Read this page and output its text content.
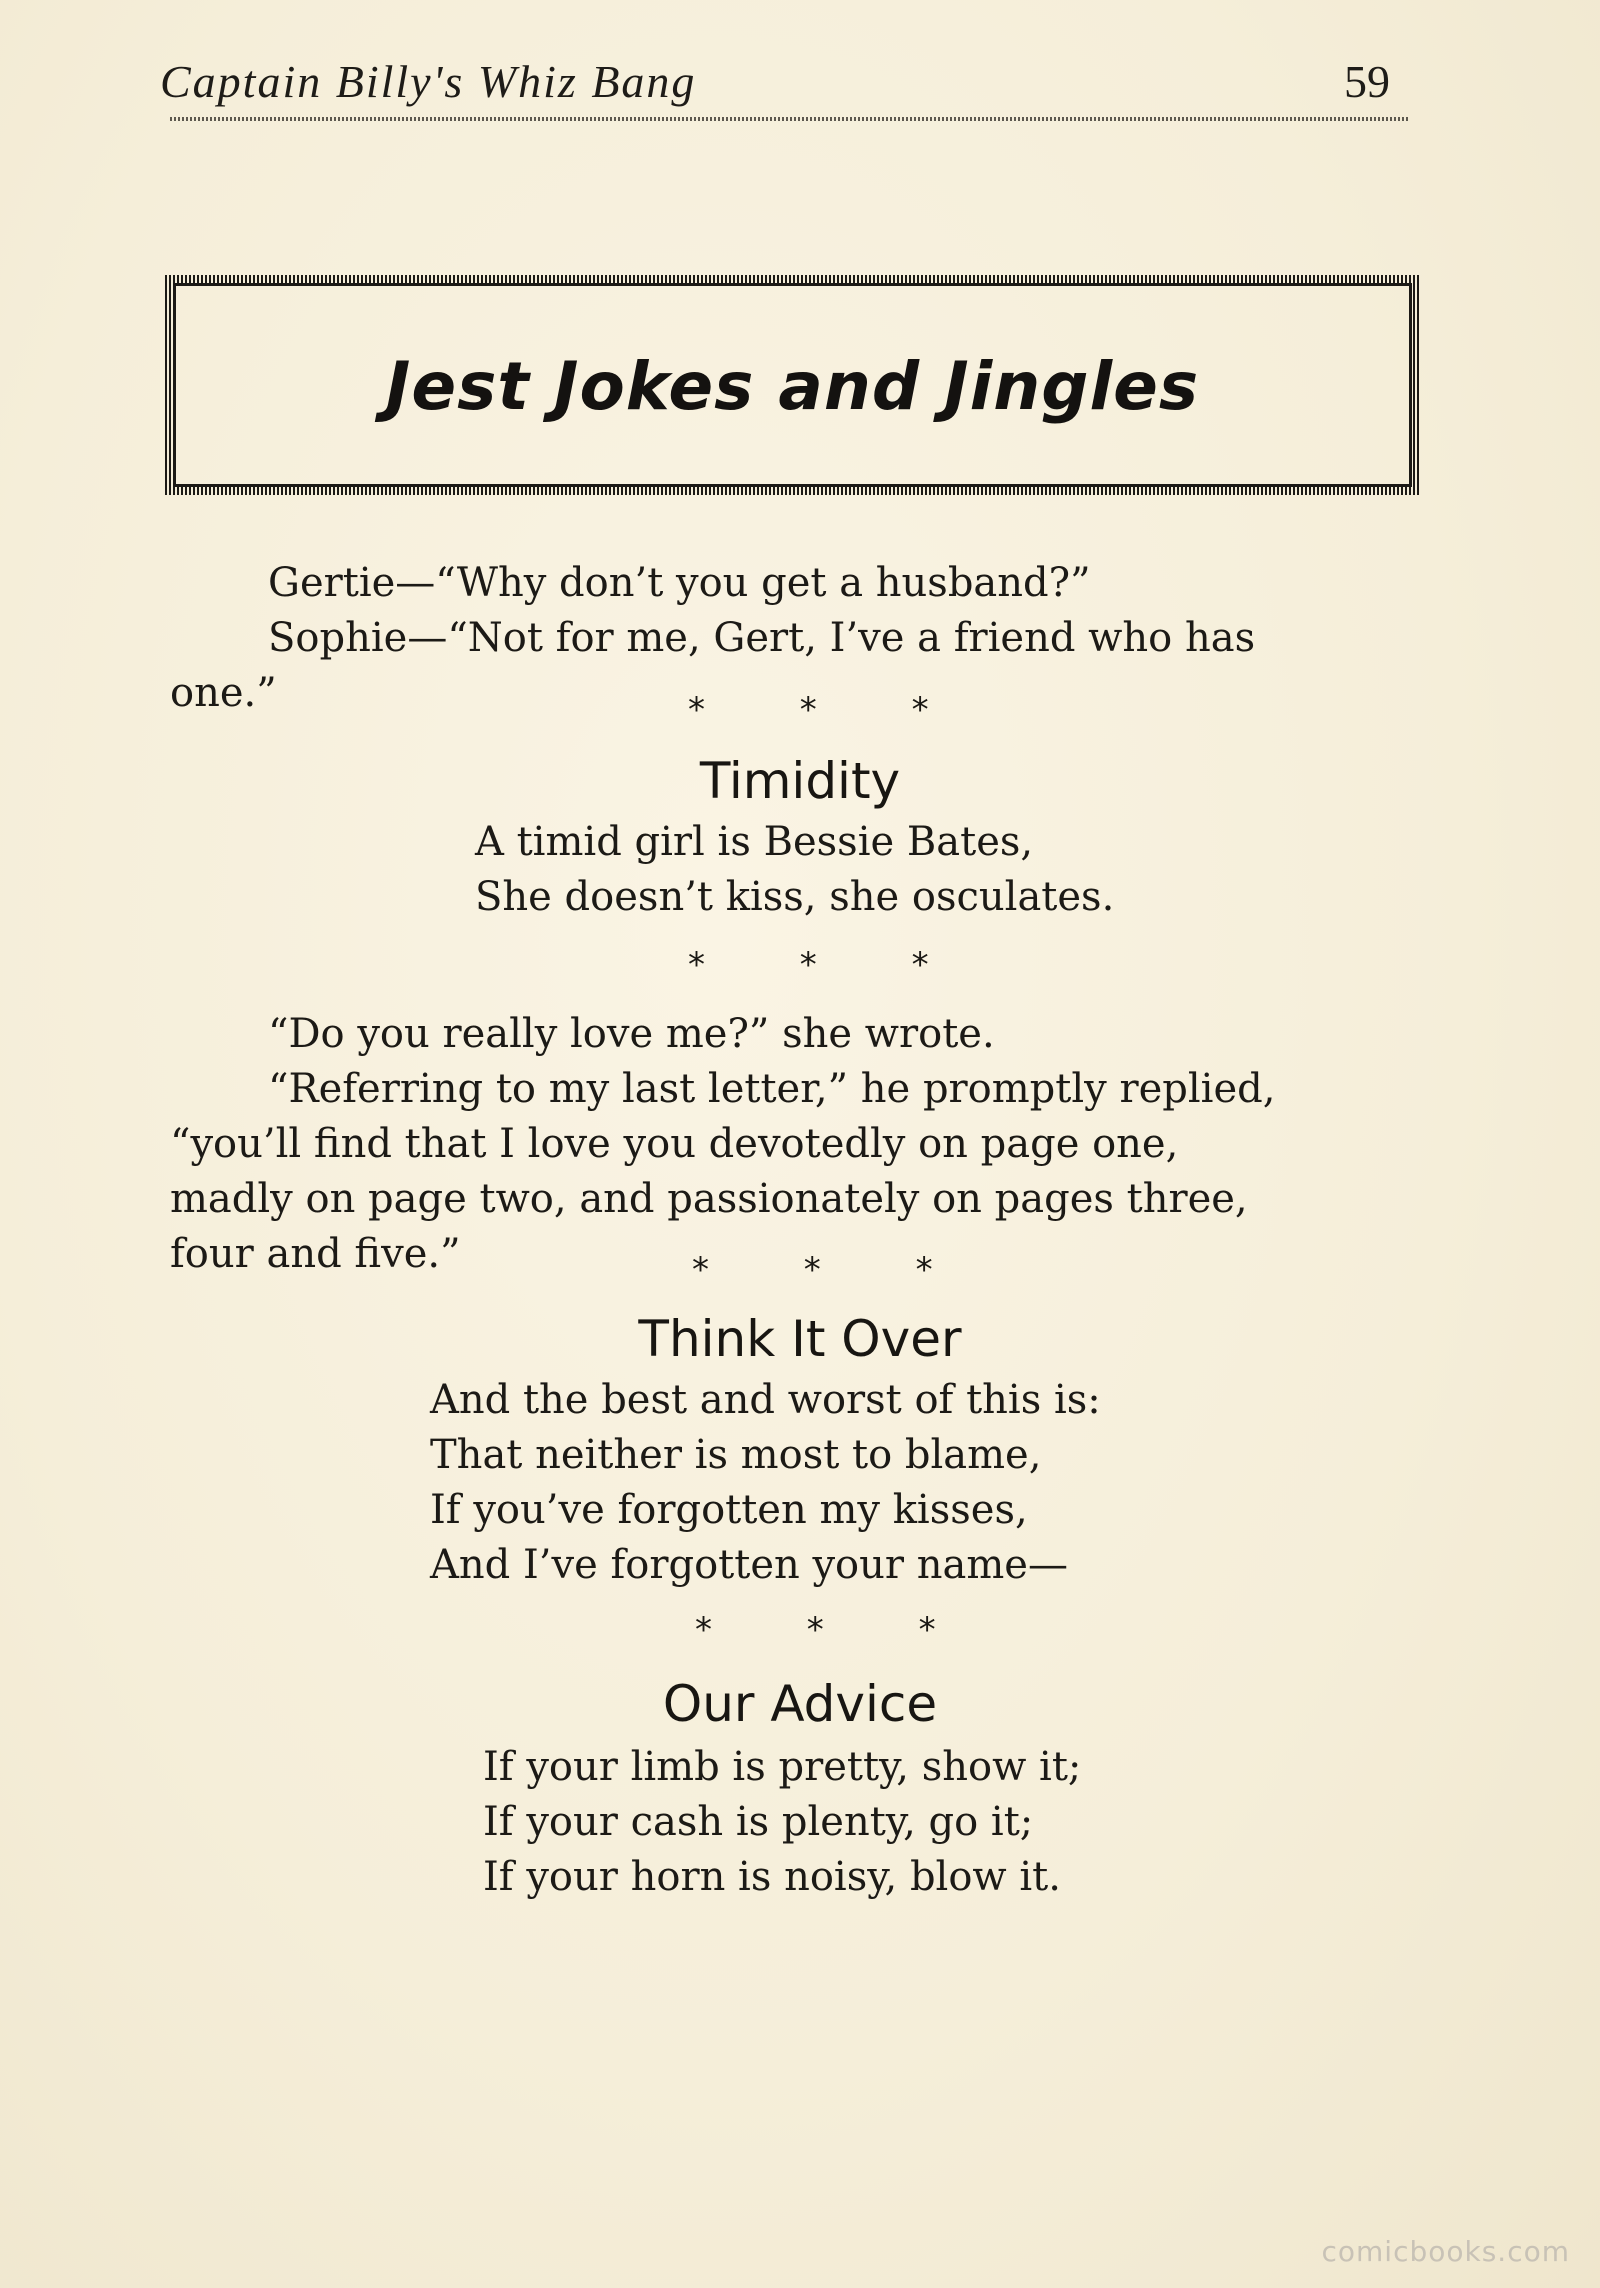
Captain Billy's Whiz Bang	59
Jest Jokes and Jingles
Gertie—“Why don’t you get a husband?”
Sophie—“Not for me, Gert, I’ve a friend who has
one.”	* * *
Timidity
A timid girl is Bessie Bates,
She doesn’t kiss, she osculates.
* * *
“Do you really love me?” she wrote.
“Referring to my last letter,” he promptly replied,
“you’ll find that I love you devotedly on page one,
madly on page two, and passionately on pages three,
four and five.”	* * *
Think It Over
And the best and worst of this is:
That neither is most to blame,
If you’ve forgotten my kisses,
And I’ve forgotten your name—
* * *
Our Advice
If your limb is pretty, show it;
If your cash is plenty, go it;
If your horn is noisy, blow it.
comicbooks.com
